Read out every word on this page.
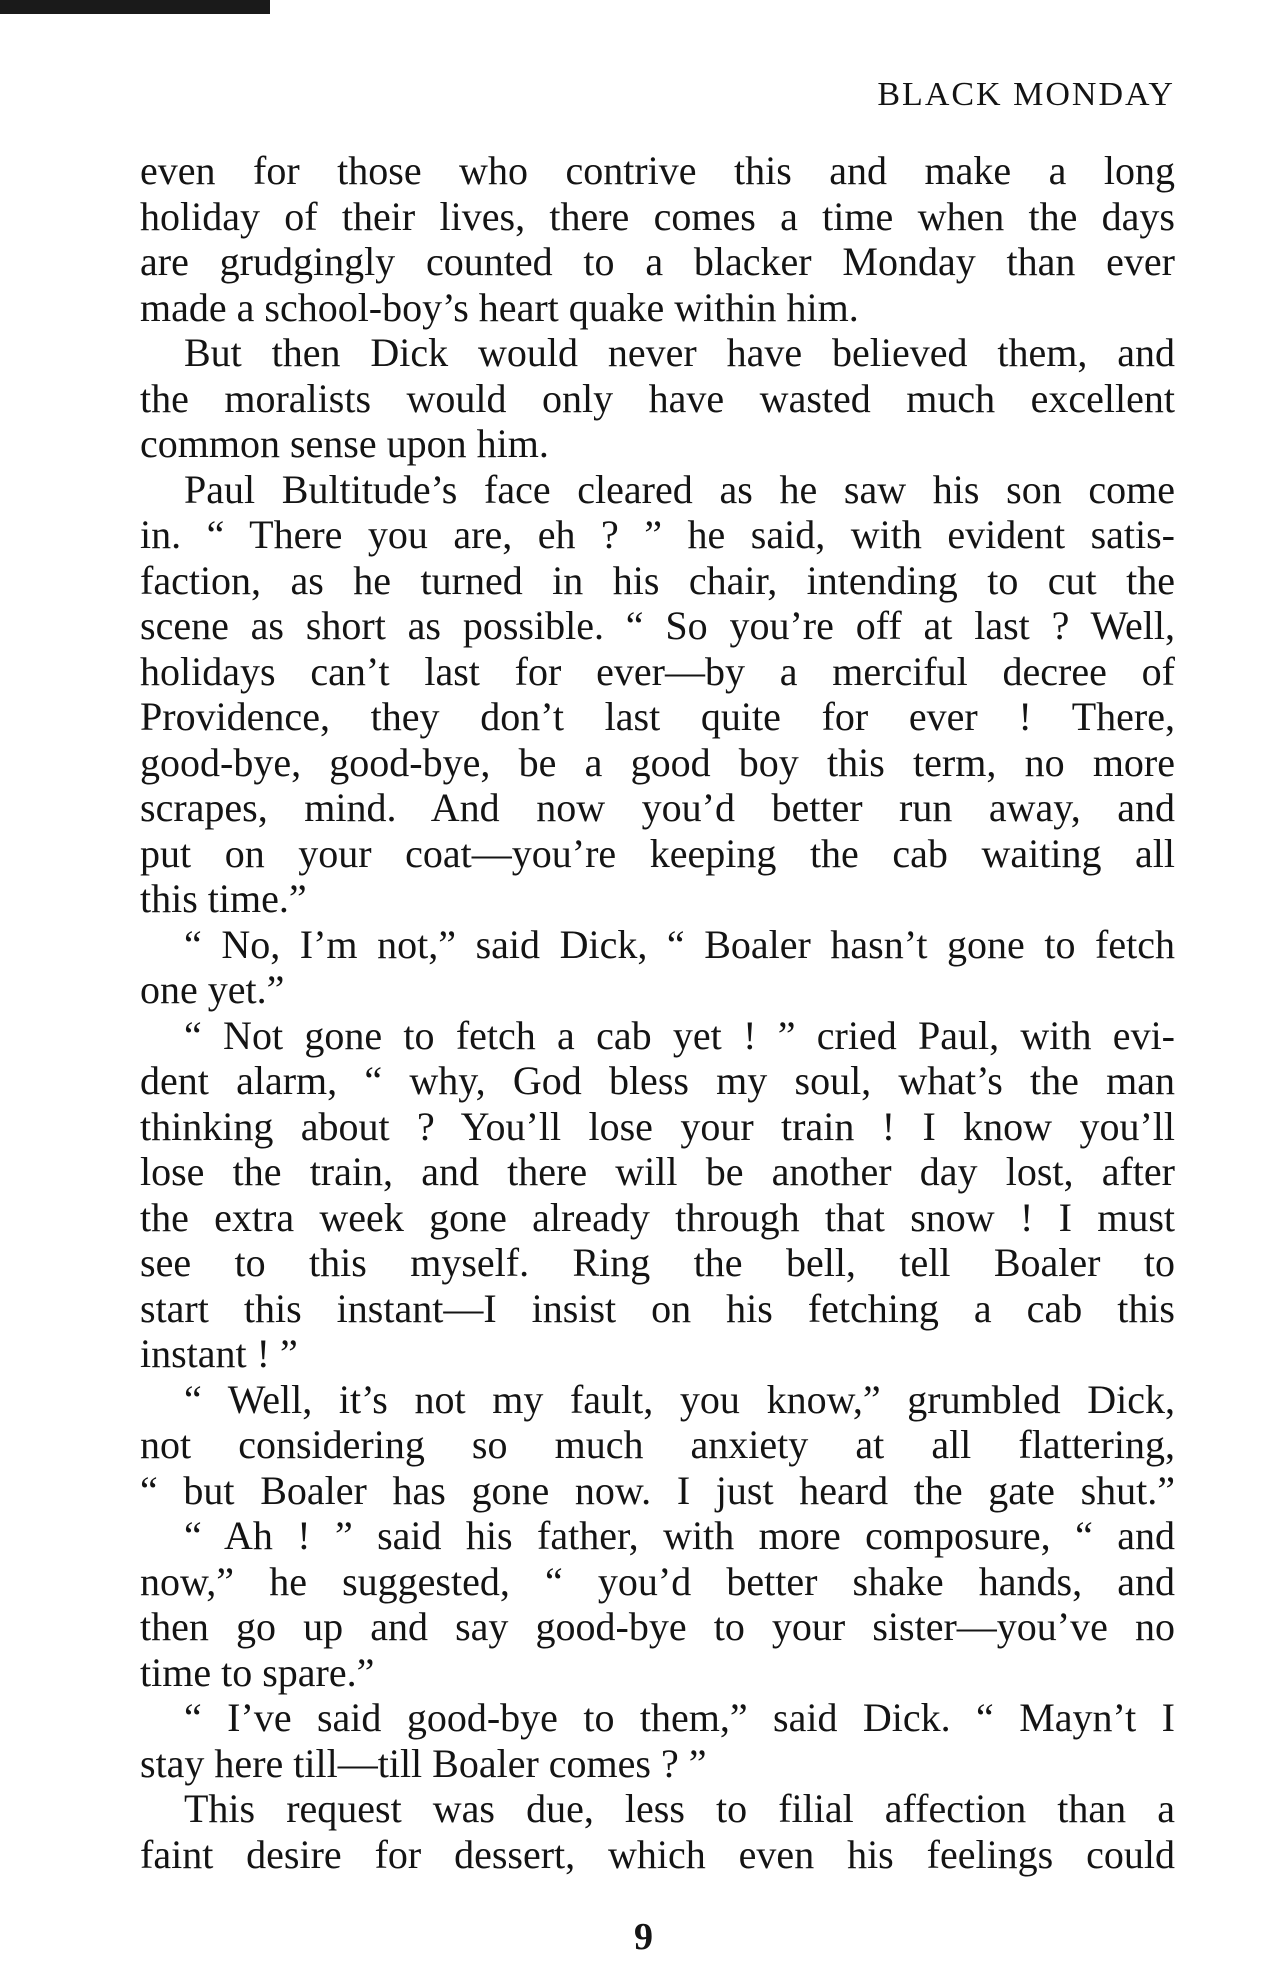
BLACK MONDAY
even for those who contrive this and make a long
holiday of their lives, there comes a time when the days
are grudgingly counted to a blacker Monday than ever
made a school-boy’s heart quake within him.
But then Dick would never have believed them, and
the moralists would only have wasted much excellent
common sense upon him.
Paul Bultitude’s face cleared as he saw his son come
in. “ There you are, eh ? ” he said, with evident satis-
faction, as he turned in his chair, intending to cut the
scene as short as possible. “ So you’re off at last ? Well,
holidays can’t last for ever—by a merciful decree of
Providence, they don’t last quite for ever ! There,
good-bye, good-bye, be a good boy this term, no more
scrapes, mind. And now you’d better run away, and
put on your coat—you’re keeping the cab waiting all
this time.”
“ No, I’m not,” said Dick, “ Boaler hasn’t gone to fetch
one yet.”
“ Not gone to fetch a cab yet ! ” cried Paul, with evi-
dent alarm, “ why, God bless my soul, what’s the man
thinking about ? You’ll lose your train ! I know you’ll
lose the train, and there will be another day lost, after
the extra week gone already through that snow ! I must
see to this myself. Ring the bell, tell Boaler to
start this instant—I insist on his fetching a cab this
instant ! ”
“ Well, it’s not my fault, you know,” grumbled Dick,
not considering so much anxiety at all flattering,
“ but Boaler has gone now. I just heard the gate shut.”
“ Ah ! ” said his father, with more composure, “ and
now,” he suggested, “ you’d better shake hands, and
then go up and say good-bye to your sister—you’ve no
time to spare.”
“ I’ve said good-bye to them,” said Dick. “ Mayn’t I
stay here till—till Boaler comes ? ”
This request was due, less to filial affection than a
faint desire for dessert, which even his feelings could
9
